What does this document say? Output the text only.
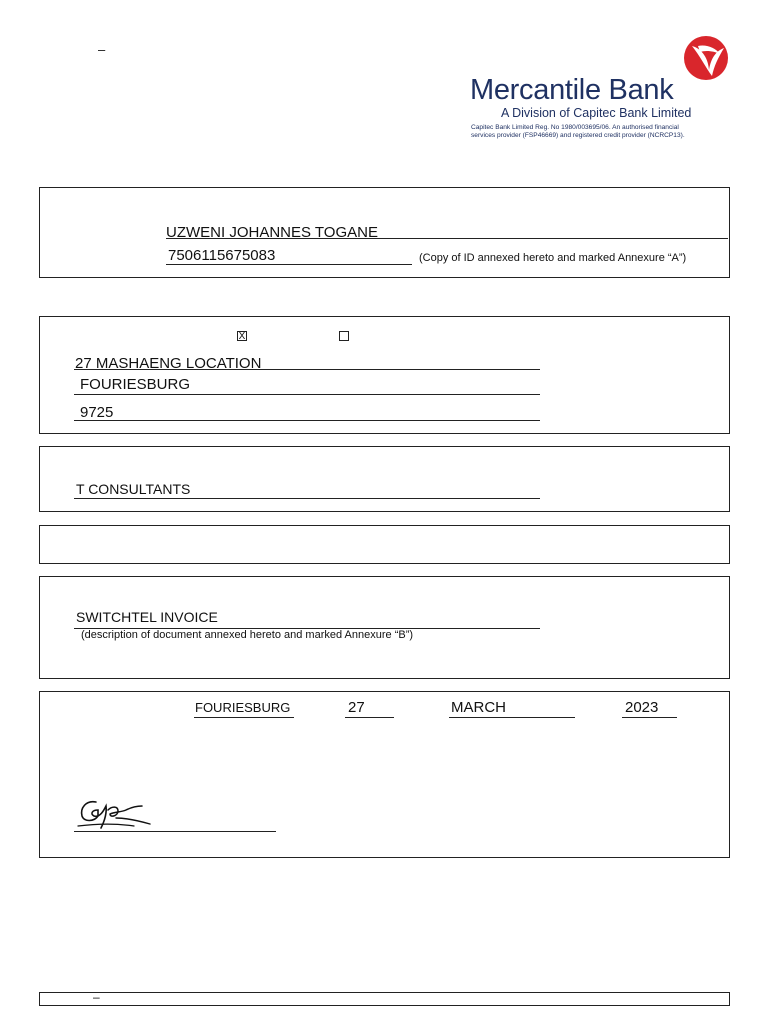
–
Mercantile Bank
A Division of Capitec Bank Limited
Capitec Bank Limited Reg. No 1980/003695/06. An authorised financial
services provider (FSP46669) and registered credit provider (NCRCP13).
UZWENI JOHANNES TOGANE
7506115675083	(Copy of ID annexed hereto and marked Annexure “A”)
X
27 MASHAENG LOCATION
FOURIESBURG
9725
T CONSULTANTS
SWITCHTEL INVOICE
(description of document annexed hereto and marked Annexure “B”)
FOURIESBURG	27	MARCH	2023
–
